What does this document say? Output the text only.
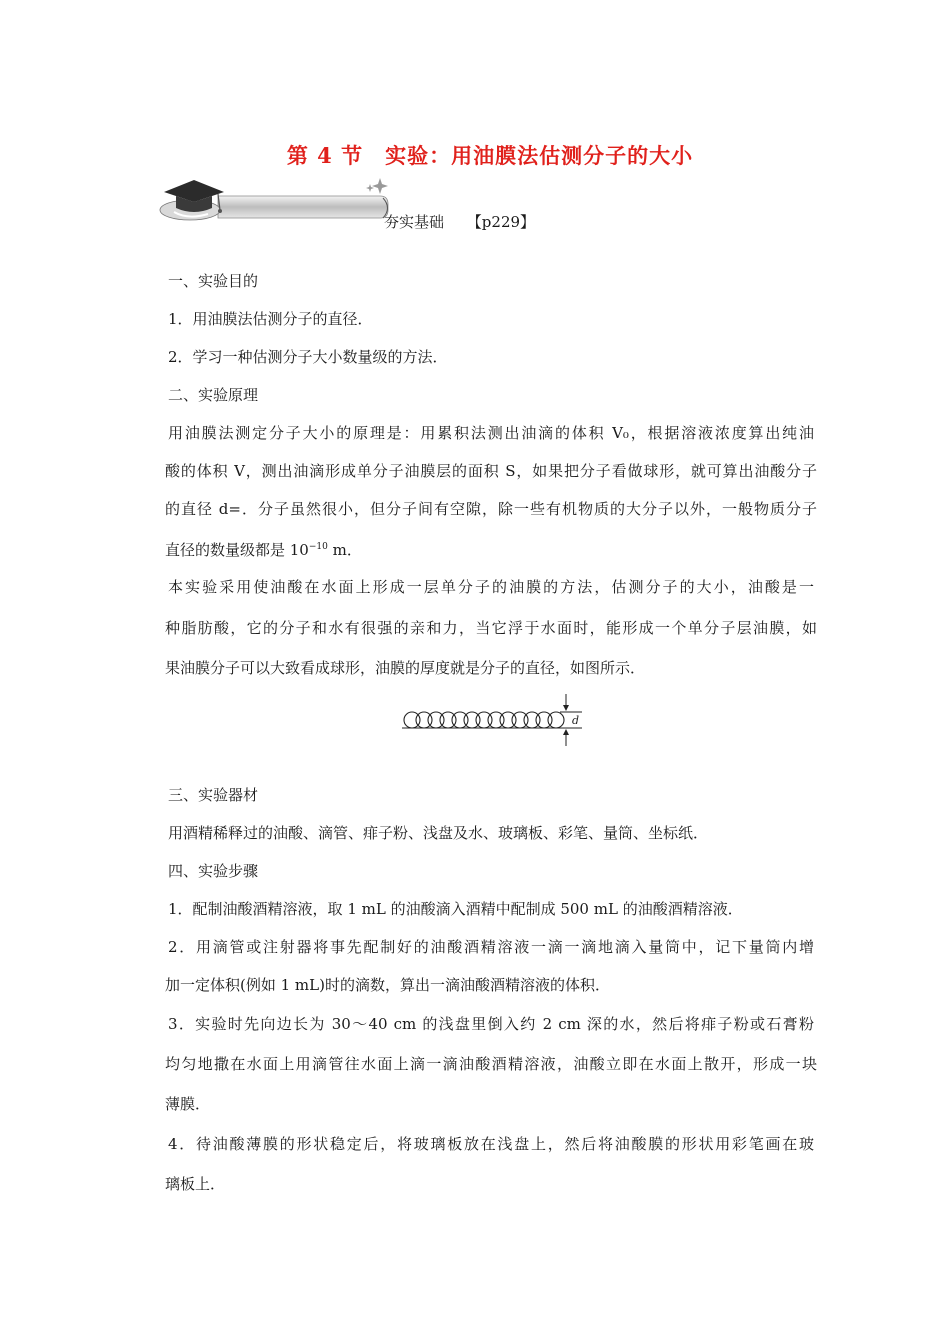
第 4 节　实验：用油膜法估测分子的大小
夯实基础 【p229】
一、实验目的
1．用油膜法估测分子的直径．
2．学习一种估测分子大小数量级的方法．
二、实验原理
用油膜法测定分子大小的原理是：用累积法测出油滴的体积 V₀，根据溶液浓度算出纯油
酸的体积 V，测出油滴形成单分子油膜层的面积 S，如果把分子看做球形，就可算出油酸分子
的直径 d=．分子虽然很小，但分子间有空隙，除一些有机物质的大分子以外，一般物质分子
直径的数量级都是 $10^{-10}$ m．
本实验采用使油酸在水面上形成一层单分子的油膜的方法，估测分子的大小，油酸是一
种脂肪酸，它的分子和水有很强的亲和力，当它浮于水面时，能形成一个单分子层油膜，如
果油膜分子可以大致看成球形，油膜的厚度就是分子的直径，如图所示．
三、实验器材
用酒精稀释过的油酸、滴管、痱子粉、浅盘及水、玻璃板、彩笔、量筒、坐标纸．
四、实验步骤
1．配制油酸酒精溶液，取 1 mL 的油酸滴入酒精中配制成 500 mL 的油酸酒精溶液．
2．用滴管或注射器将事先配制好的油酸酒精溶液一滴一滴地滴入量筒中，记下量筒内增
加一定体积(例如 1 mL)时的滴数，算出一滴油酸酒精溶液的体积．
3．实验时先向边长为 30～40 cm 的浅盘里倒入约 2 cm 深的水，然后将痱子粉或石膏粉
均匀地撒在水面上用滴管往水面上滴一滴油酸酒精溶液，油酸立即在水面上散开，形成一块
薄膜．
4．待油酸薄膜的形状稳定后，将玻璃板放在浅盘上，然后将油酸膜的形状用彩笔画在玻
璃板上．
d
